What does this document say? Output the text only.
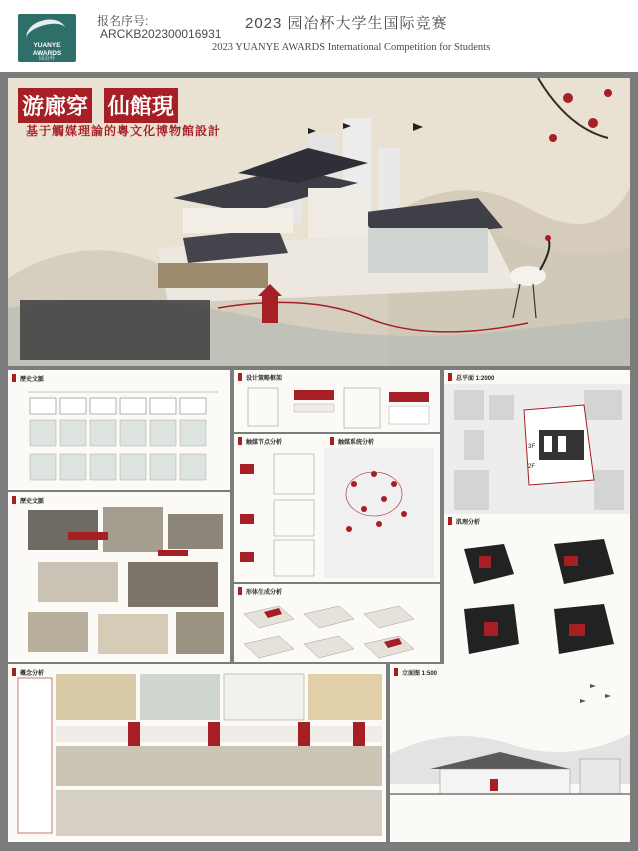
YUANYE AWARDS
园冶杯
报名序号:
ARCKB202300016931
2023 园冶杯大学生国际竞赛
2023 YUANYE AWARDS International Competition for Students
游廊穿 仙館現
基于觸媒理論的粵文化博物館設計
歷史文脈
歷史文脈
概念分析
设计策略框架
触媒节点分析	触媒系统分析
形体生成分析
总平面 1:2000
3F
2F
肌理分析
立面图 1:500
